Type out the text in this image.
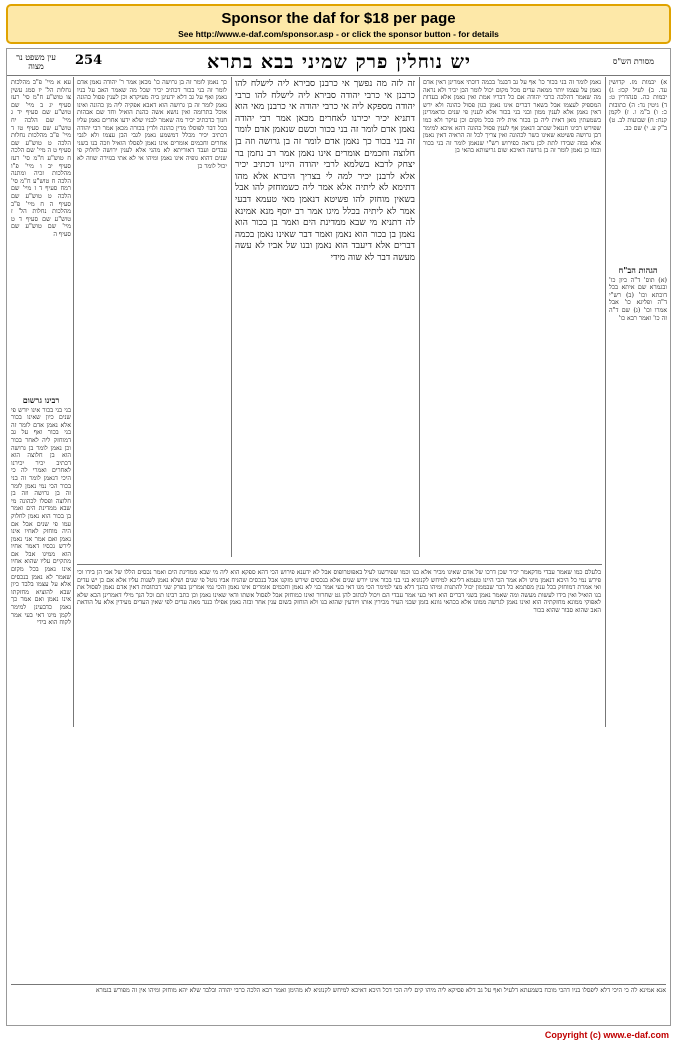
Sponsor the daf for $18 per page
See http://www.e-daf.com/sponsor.asp - or click the sponsor button - for details
עין משפט נר מצוה	254	יש נוחלין פרק שמיני בבא בתרא	מסורת הש"ס

עא א מיי' פ"ב מהלכות נחלות הל' יז סמג עשין צו טוש"ע ח"מ סי' רעז סעיף יג ב מיי' שם טוש"ע שם סעיף יד ג מיי' שם הלכה יח טוש"ע שם סעיף טו ד מיי' פ"ב מהלכות נחלות הלכה ט טוש"ע שם סעיף ט ה מיי' שם הלכה ח טוש"ע ח"מ סי' רעז סעיף יב ו מיי' פ"ו מהלכות זכיה ומתנה הלכה ח טוש"ע ח"מ סי' רמח סעיף ד ז מיי' שם הלכה ט טוש"ע שם סעיף ה ח מיי' פ"ב מהלכות נחלות הל' ז טוש"ע שם סעיף ד ט מיי' שם טוש"ע שם סעיף ה

רבינו גרשום

בני בני בכור אינו יורש פי שנים כיון שאינו בכור אלא נאמן אדם לומר זה בני בכור ואף על גב דמוחזק ליה לאחר בכור וכן נאמן לומר בן גרושה הוא בן חלוצה הוא דכתיב יכיר יכירנו לאחרים ואמרי לה כי היכי דנאמן לומר זה בני בכור הכי נמי נאמן לומר זה בן גרושה וזה בן חלוצה ופסלו לכהונה מי שבא ממדינת הים ואמר בן בכור הוא נאמן לחלוק עמו פי שנים אבל אם היה מוחזק לאחיו אינו נאמן ואם אמר אני נאמן לירש נכסיו דאמר אחיו הוא ממיגו אבל אם מתקיים עליו שהוא אחיו אינו נאמן בכל מקום שאמר לא נאמן בנכסים אלא על עצמו בלבד כיון שבא להוציא מחזקתו אינו נאמן ואם אמר כך נאמן כדבעינן למימר לקמן מיגו דאי בעי אמר לקוח הוא בידי

כך נאמן לומר זה בן גרושה כו' מכאן אמר ר' יהודה נאמן אדם לומר זה בני בכור דכתיב יכיר שכל מה שאמר האב על בניו נאמן ואף על גב דלא ידעינן ביה מעיקרא וכן לענין פסול כהונה נאמן לומר זה בן גרושה הוא דאבא אפקיה ליה מן כהונה ואינו אוכל בתרומה ואין נושא אשה כהנת הואיל וחד שם אבהות חנוך כדכתיב יכיר מה שאמר לבניו שלא ידעו אחרים נאמן עליו בכל דבר לפוסלו מדין כהונה ולדין בכורה מכאן אמר רבי יהודה דכתיב יכיר מכלל דמשמע נאמן לגבי הבן עצמו ולא לגבי אחרים וחכמים אומרים אינו נאמן לפסלו הואיל וזכה בנו בשני עבדים ועבד דאוריתא לא מהני אלא לענין ירושה לחלוק פי שנים דהוא גופיה אינו נאמן ומיהו אי לא אתי בגזירה שווה לא יכול לומר כן

זה לזה מה נפשך אי כרבנן סבירא ליה לישלח להו כרבנן אי כרבי יהודה סבירא ליה לישלח להו כרבי יהודה מספקא ליה אי כרבי יהודה אי כרבנן מאי הוא דתניא יכיר יכירנו לאחרים מכאן אמר רבי יהודה נאמן אדם לומר זה בני בכור וכשם שנאמן אדם לומר זה בני בכור כך נאמן אדם לומר זה בן גרושה וזה בן חלוצה וחכמים אומרים אינו נאמן אמר רב נחמן בר יצחק לרבא בשלמא לרבי יהודה היינו דכתיב יכיר אלא לרבנן יכיר למה לי בצריך היכרא אלא מהו דתימא לא ליתיה אלא אמר ליה כשמוחזק להו אבל בשאין מוחזק להו פשיטא דנאמן מאי טעמא דבעי אמר לא ליתיה בכלל מיגו אמר רב יוסף מנא אמינא לה דתניא מי שבא ממדינת הים ואמר בן בכור הוא נאמן בן בכור הוא נאמן ואמר דבר שאינו נאמן בכמה דברים אלא דיעבד הוא נאמן ובנו של אביו לא עשה מעשה דבר לא שוה מידי

נאמן לומר זה בני בכור כו' אף על גב דבגמ' בכמה דוכתי אמרינן דאין אדם נאמן על עצמו יותר ממאה עדים מכל מקום יכול לומר הבן יכיר ולא נראה מה שאמר דהלכה כרבי יהודה אם כל דבריו אמת ואין נאמן אלא בעדות המספיק לעצמו אבל בשאר דברים אינו נאמן כגון פסול כהונה ולא ירש דאין נאמן אלא לענין ממון ובני בני בכור אלא לענין פי שנים כדאמרינן בשמעתין מאן דאית ליה בן בכור אית ליה בכל מקום וכן עיקר ולא כמו שפירש רבינו חננאל שכתב דנאמן אף לענין פסול כהונה דהא איכא למימר דבן גרושה פשיטא שאינו כשר לכהונה ואין צריך לכל זה הראיה דאין נאמן אלא במה שבידו לתת לכן נראה כפירוש רש"י שנאמן לומר זה בני בכור וכמו כן נאמן לומר זה בן גרושה דאיכא שום גריעותא בהאי בן

א) יבמות מז. קדושין עד. ב) לעיל קכז: ג) יבמות כה. סנהדרין ט: ד) גיטין נד: ה) כתובות כ: ו) ב"מ ו. ז) לקמן קנח: ח) שבועות לב. ט) ב"ק ע. י) שם כב.

הגהות הב"ח

(א) תוס' ד"ה כיון כו' ובגמרא שם איתא בכל דוכתא וכו' (ב) רש"י ד"ה ופליגא כו' אבל אמרו וכו' (ג) שם ד"ה זה כו' ואמר רבא כו'

בלעלם כמו שאמר עבדי מדקאמר יכיר שכן דרכו של אדם שאינו מכיר אלא בנו וכמו שפירשנו לעיל באפוטרופוס אבל לא ידענא פירוש הכי דהא ספקא הוא ליה מי שבא ממדינת הים ואמר נכסים הללו של אבי הן בידו וכי פירש נמי כל היכא דנאמן מיגו ולא אמר הכי היינו טעמא דליכא למיחש לקנוניא בני בני בכור אינו יורש שנים אלא בנכסים שירש מזקנו אבל בנכסים שהניח אביו נוטל פי שנים ושלא נאמן לשנות עליו אלא אם כן יש עדים ואי אמרת דמוחזק בכל ענין מסתמא כל דבר שבממון יכול להתנות ומיהו בהנך דלא מצי למימר הכי מגו דאי בעי אמר בני לא נאמן וחכמים אומרים אינו נאמן והכי נמי אמרינן בפרק שני דכתובות דאין אדם נאמן לפסול את בנו הואיל ואין בידו לעשות מעשה ומה שאמר נאמן בשני דברים הוא דאי בעי אמר עבדי הם ויכול לכתוב להן גט שחרור ואינו כמוחזק אבל לפסול אשתו ודאי שאינו נאמן וכן כתב רבינו תם וכל הנך מילי דאמרינן הכא שלא לאפוקי ממונא מחזקתיה הוא ואינו נאמן לגרשה ממונו אלא בכהאי גוונא בזמן שבני העיר מכירין אותו ויודעין שהוא בנו ולא הוחזק בשום ענין אחר ובזה נאמן אפילו כנגד מאה עדים לפי שאין העדים מעידין אלא על הודאת האב שהוא סבור שהוא בכור

אנא אמינא לה כי היכי דלא ליפסלו בניו דהכי מוכח בשמעתא דלעיל ואף על גב דלא פסיקא ליה מיהו קים ליה הכי דכל היכא דאיכא למיחש לקנוניא לא מהימן ואמר רבא הלכה כרבי יהודה ובלבד שלא יהא מוחזק ומיהו אין זה מפורש בגמרא

Copyright (c) www.e-daf.com
